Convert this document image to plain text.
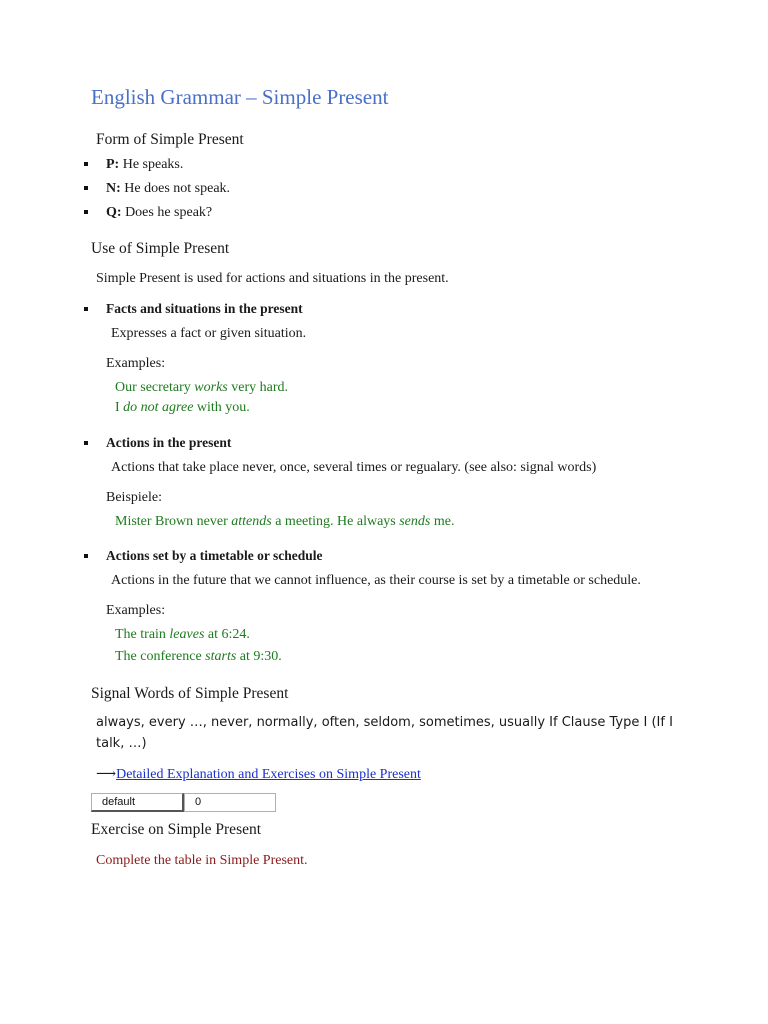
English Grammar – Simple Present
Form of Simple Present
P: He speaks.
N: He does not speak.
Q: Does he speak?
Use of Simple Present
Simple Present is used for actions and situations in the present.
Facts and situations in the present
Expresses a fact or given situation.
Examples:
Our secretary works very hard.
I do not agree with you.
Actions in the present
Actions that take place never, once, several times or regualary. (see also: signal words)
Beispiele:
Mister Brown never attends a meeting. He always sends me.
Actions set by a timetable or schedule
Actions in the future that we cannot influence, as their course is set by a timetable or schedule.
Examples:
The train leaves at 6:24.
The conference starts at 9:30.
Signal Words of Simple Present
always, every …, never, normally, often, seldom, sometimes, usually If Clause Type I (If I
talk, …)
⟶Detailed Explanation and Exercises on Simple Present
default	0
Exercise on Simple Present
Complete the table in Simple Present.
